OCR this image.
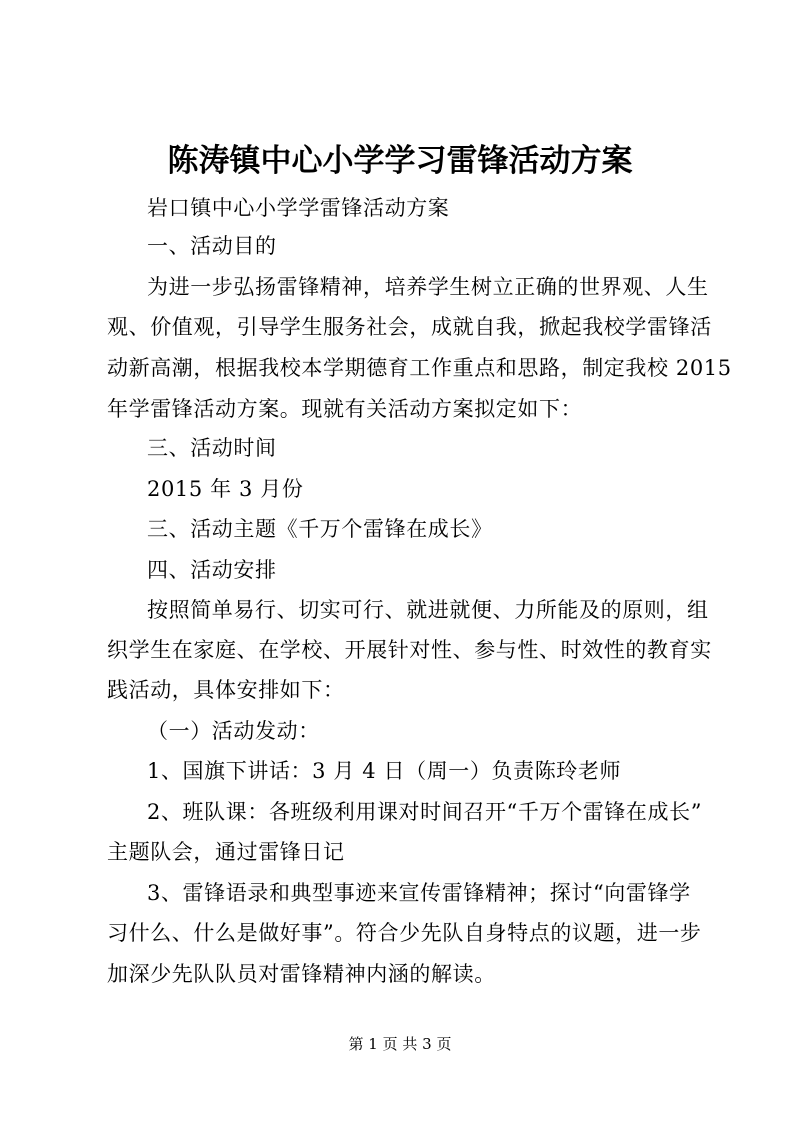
陈涛镇中心小学学习雷锋活动方案
岩口镇中心小学学雷锋活动方案
一、活动目的
为进一步弘扬雷锋精神，培养学生树立正确的世界观、人生
观、价值观，引导学生服务社会，成就自我，掀起我校学雷锋活
动新高潮，根据我校本学期德育工作重点和思路，制定我校 2015
年学雷锋活动方案。现就有关活动方案拟定如下：
三、活动时间
2015 年 3 月份
三、活动主题《千万个雷锋在成长》
四、活动安排
按照简单易行、切实可行、就进就便、力所能及的原则，组
织学生在家庭、在学校、开展针对性、参与性、时效性的教育实
践活动，具体安排如下：
（一）活动发动：
1、国旗下讲话：3 月 4 日（周一）负责陈玲老师
2、班队课：各班级利用课对时间召开“千万个雷锋在成长”
主题队会，通过雷锋日记
3、雷锋语录和典型事迹来宣传雷锋精神；探讨“向雷锋学
习什么、什么是做好事”。符合少先队自身特点的议题，进一步
加深少先队队员对雷锋精神内涵的解读。
第 1 页 共 3 页
